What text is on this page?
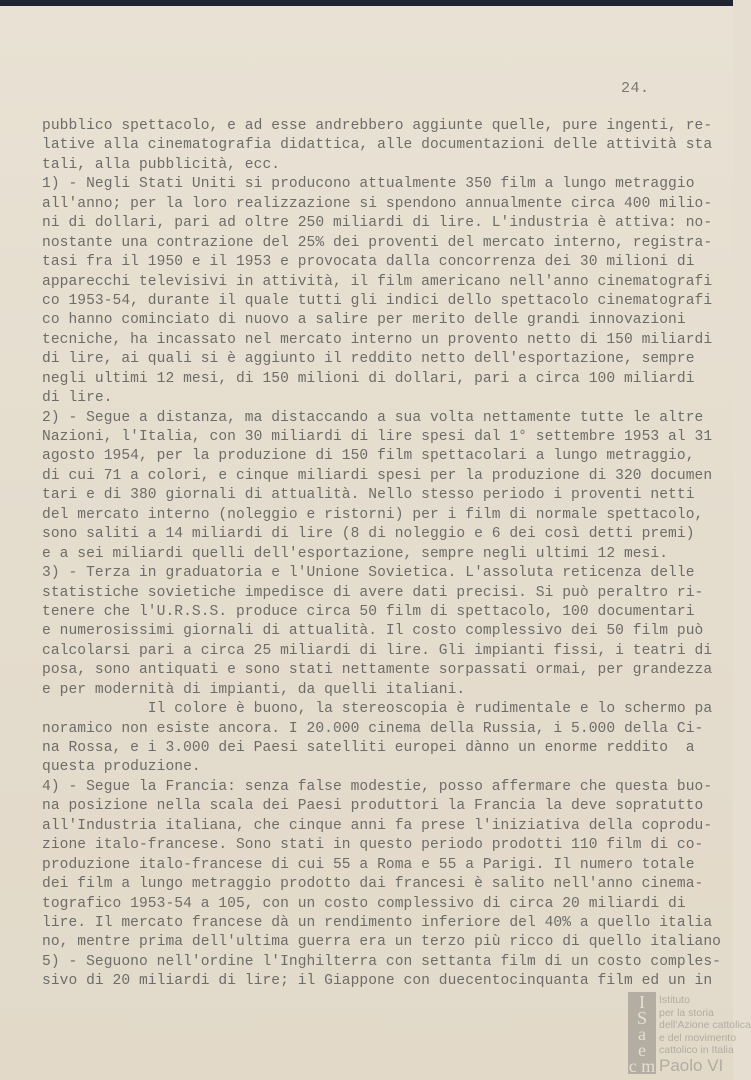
24.
pubblico spettacolo, e ad esse andrebbero aggiunte quelle, pure ingenti, re-
lative alla cinematografia didattica, alle documentazioni delle attività sta
tali, alla pubblicità, ecc.
1) - Negli Stati Uniti si producono attualmente 350 film a lungo metraggio
all'anno; per la loro realizzazione si spendono annualmente circa 400 milio-
ni di dollari, pari ad oltre 250 miliardi di lire. L'industria è attiva: no-
nostante una contrazione del 25% dei proventi del mercato interno, registra-
tasi fra il 1950 e il 1953 e provocata dalla concorrenza dei 30 milioni di
apparecchi televisivi in attività, il film americano nell'anno cinematografi
co 1953-54, durante il quale tutti gli indici dello spettacolo cinematografi
co hanno cominciato di nuovo a salire per merito delle grandi innovazioni
tecniche, ha incassato nel mercato interno un provento netto di 150 miliardi
di lire, ai quali si è aggiunto il reddito netto dell'esportazione, sempre
negli ultimi 12 mesi, di 150 milioni di dollari, pari a circa 100 miliardi
di lire.
2) - Segue a distanza, ma distaccando a sua volta nettamente tutte le altre
Nazioni, l'Italia, con 30 miliardi di lire spesi dal 1° settembre 1953 al 31
agosto 1954, per la produzione di 150 film spettacolari a lungo metraggio,
di cui 71 a colori, e cinque miliardi spesi per la produzione di 320 documen
tari e di 380 giornali di attualità. Nello stesso periodo i proventi netti
del mercato interno (noleggio e ristorni) per i film di normale spettacolo,
sono saliti a 14 miliardi di lire (8 di noleggio e 6 dei così detti premi)
e a sei miliardi quelli dell'esportazione, sempre negli ultimi 12 mesi.
3) - Terza in graduatoria e l'Unione Sovietica. L'assoluta reticenza delle
statistiche sovietiche impedisce di avere dati precisi. Si può peraltro ri-
tenere che l'U.R.S.S. produce circa 50 film di spettacolo, 100 documentari
e numerosissimi giornali di attualità. Il costo complessivo dei 50 film può
calcolarsi pari a circa 25 miliardi di lire. Gli impianti fissi, i teatri di
posa, sono antiquati e sono stati nettamente sorpassati ormai, per grandezza
e per modernità di impianti, da quelli italiani.
Il colore è buono, la stereoscopia è rudimentale e lo schermo pa
noramico non esiste ancora. I 20.000 cinema della Russia, i 5.000 della Ci-
na Rossa, e i 3.000 dei Paesi satelliti europei dànno un enorme reddito  a
questa produzione.
4) - Segue la Francia: senza false modestie, posso affermare che questa buo-
na posizione nella scala dei Paesi produttori la Francia la deve sopratutto
all'Industria italiana, che cinque anni fa prese l'iniziativa della coprodu-
zione italo-francese. Sono stati in questo periodo prodotti 110 film di co-
produzione italo-francese di cui 55 a Roma e 55 a Parigi. Il numero totale
dei film a lungo metraggio prodotto dai francesi è salito nell'anno cinema-
tografico 1953-54 a 105, con un costo complessivo di circa 20 miliardi di
lire. Il mercato francese dà un rendimento inferiore del 40% a quello italia
no, mentre prima dell'ultima guerra era un terzo più ricco di quello italiano
5) - Seguono nell'ordine l'Inghilterra con settanta film di un costo comples-
sivo di 20 miliardi di lire; il Giappone con duecentocinquanta film ed un in
I
S
a
e
c m
Istituto
per la storia
dell'Azione cattolica
e del movimento
cattolico in Italia
Paolo VI
